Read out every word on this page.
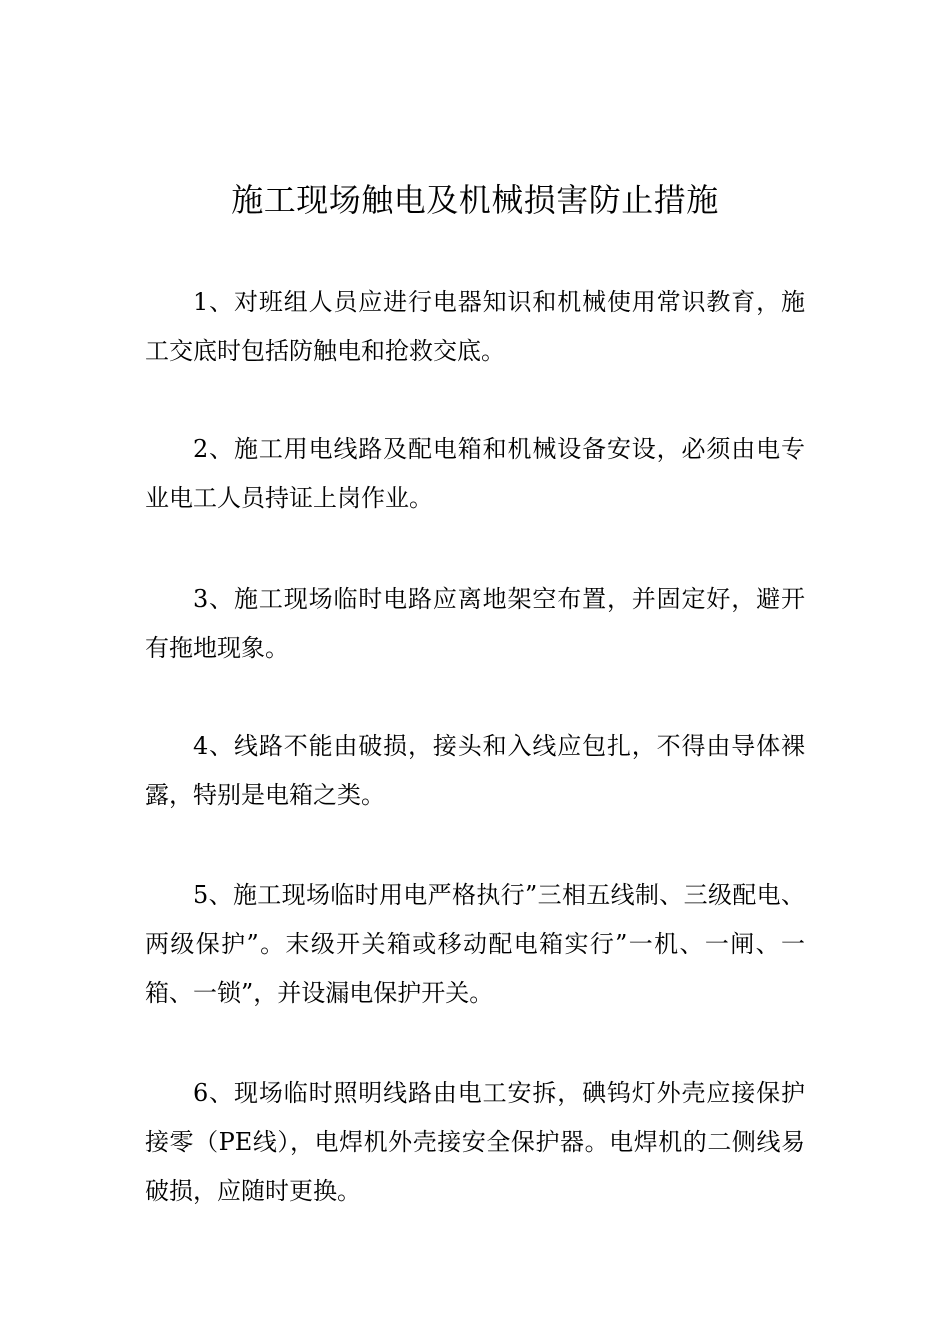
施工现场触电及机械损害防止措施

1、对班组人员应进行电器知识和机械使用常识教育，施工交底时包括防触电和抢救交底。

2、施工用电线路及配电箱和机械设备安设，必须由电专业电工人员持证上岗作业。

3、施工现场临时电路应离地架空布置，并固定好，避开有拖地现象。

4、线路不能由破损，接头和入线应包扎，不得由导体裸露，特别是电箱之类。

5、施工现场临时用电严格执行”三相五线制、三级配电、两级保护”。末级开关箱或移动配电箱实行”一机、一闸、一箱、一锁”，并设漏电保护开关。

6、现场临时照明线路由电工安拆，碘钨灯外壳应接保护接零（PE线），电焊机外壳接安全保护器。电焊机的二侧线易破损，应随时更换。
